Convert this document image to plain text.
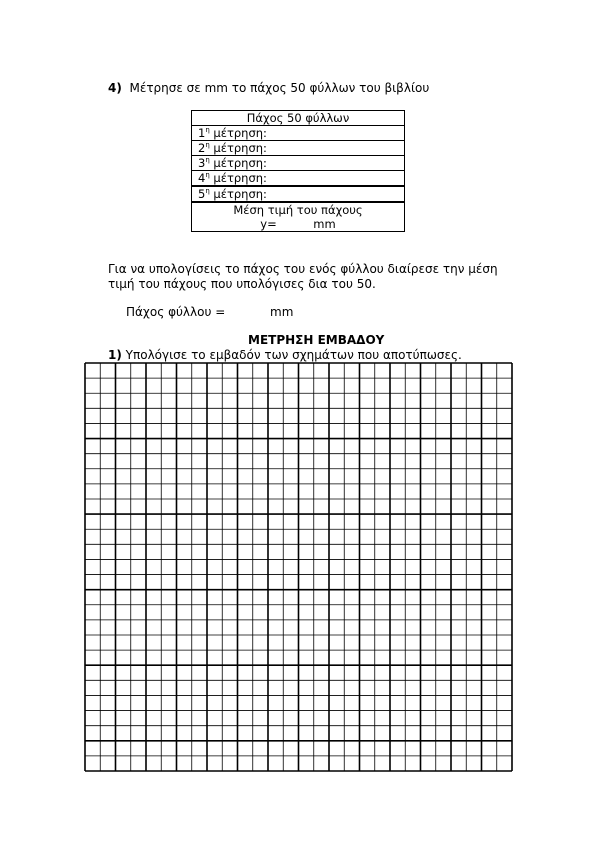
4) Μέτρησε σε mm το πάχος 50 φύλλων του βιβλίου
Πάχος 50 φύλλων
$1^\eta$ μέτρηση:
$2^\eta$ μέτρηση:
$3^\eta$ μέτρηση:
$4^\eta$ μέτρηση:
$5^\eta$ μέτρηση:

Μέση τιμή του πάχους
y=          mm
Για να υπολογίσεις το πάχος του ενός φύλλου διαίρεσε την μέση
τιμή του πάχους που υπολόγισες δια του 50.
Πάχος φύλλου =	mm
ΜΕΤΡΗΣΗ ΕΜΒΑΔΟΥ
1) Υπολόγισε το εμβαδόν των σχημάτων που αποτύπωσες.
